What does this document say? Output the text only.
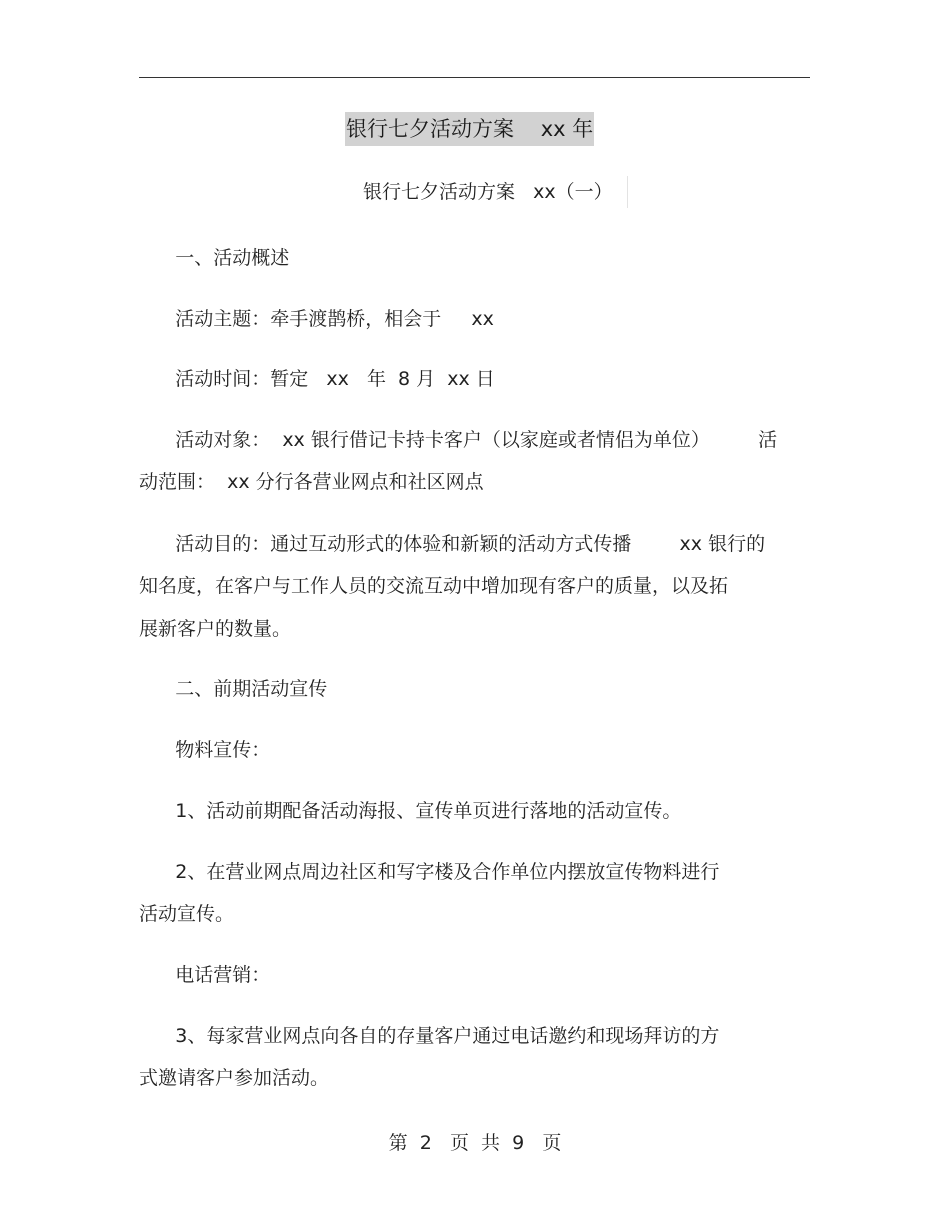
银行七夕活动方案    xx 年
银行七夕活动方案   xx（一）

一、活动概述

活动主题：牵手渡鹊桥，相会于     xx

活动时间：暂定   xx   年  8 月  xx 日

活动对象：  xx 银行借记卡持卡客户（以家庭或者情侣为单位）        活

动范围：  xx 分行各营业网点和社区网点

活动目的：通过互动形式的体验和新颖的活动方式传播        xx 银行的

知名度，在客户与工作人员的交流互动中增加现有客户的质量，以及拓

展新客户的数量。

二、前期活动宣传

物料宣传：

1、活动前期配备活动海报、宣传单页进行落地的活动宣传。

2、在营业网点周边社区和写字楼及合作单位内摆放宣传物料进行

活动宣传。

电话营销：

3、每家营业网点向各自的存量客户通过电话邀约和现场拜访的方

式邀请客户参加活动。

第  2   页  共  9   页
